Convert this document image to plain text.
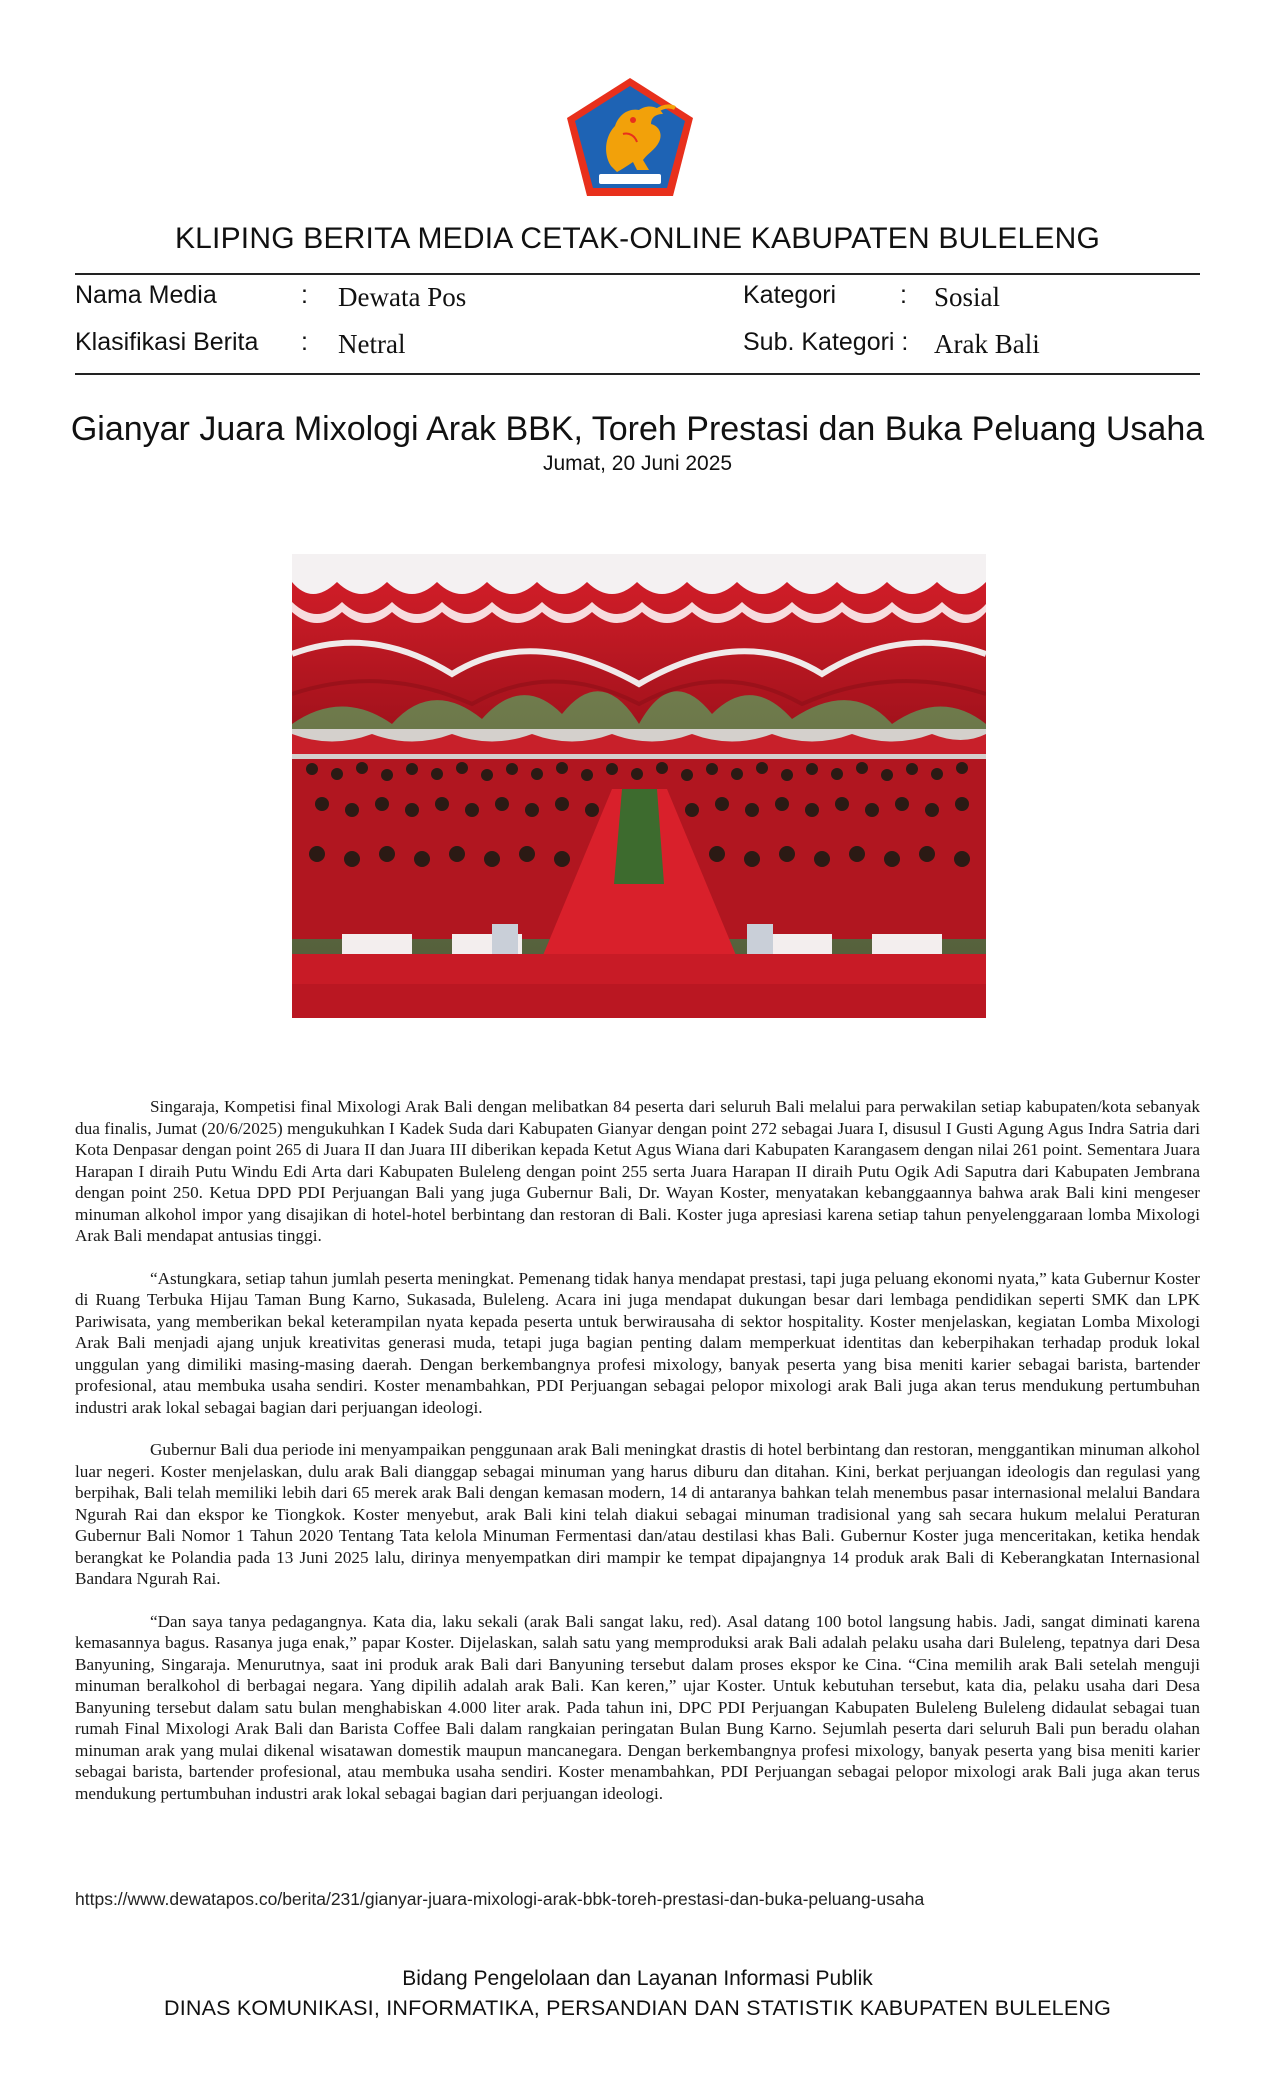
KLIPING BERITA MEDIA CETAK-ONLINE KABUPATEN BULELENG
Nama Media	: Dewata Pos	Kategori	: Sosial
Klasifikasi Berita : Netral	Sub. Kategori : Arak Bali
Gianyar Juara Mixologi Arak BBK, Toreh Prestasi dan Buka Peluang Usaha
Jumat, 20 Juni 2025

Singaraja, Kompetisi final Mixologi Arak Bali dengan melibatkan 84 peserta dari seluruh Bali melalui para perwakilan setiap kabupaten/kota sebanyak dua finalis, Jumat (20/6/2025) mengukuhkan I Kadek Suda dari Kabupaten Gianyar dengan point 272 sebagai Juara I, disusul I Gusti Agung Agus Indra Satria dari Kota Denpasar dengan point 265 di Juara II dan Juara III diberikan kepada Ketut Agus Wiana dari Kabupaten Karangasem dengan nilai 261 point. Sementara Juara Harapan I diraih Putu Windu Edi Arta dari Kabupaten Buleleng dengan point 255 serta Juara Harapan II diraih Putu Ogik Adi Saputra dari Kabupaten Jembrana dengan point 250. Ketua DPD PDI Perjuangan Bali yang juga Gubernur Bali, Dr. Wayan Koster, menyatakan kebanggaannya bahwa arak Bali kini mengeser minuman alkohol impor yang disajikan di hotel-hotel berbintang dan restoran di Bali. Koster juga apresiasi karena setiap tahun penyelenggaraan lomba Mixologi Arak Bali mendapat antusias tinggi.

“Astungkara, setiap tahun jumlah peserta meningkat. Pemenang tidak hanya mendapat prestasi, tapi juga peluang ekonomi nyata,” kata Gubernur Koster di Ruang Terbuka Hijau Taman Bung Karno, Sukasada, Buleleng. Acara ini juga mendapat dukungan besar dari lembaga pendidikan seperti SMK dan LPK Pariwisata, yang memberikan bekal keterampilan nyata kepada peserta untuk berwirausaha di sektor hospitality. Koster menjelaskan, kegiatan Lomba Mixologi Arak Bali menjadi ajang unjuk kreativitas generasi muda, tetapi juga bagian penting dalam memperkuat identitas dan keberpihakan terhadap produk lokal unggulan yang dimiliki masing-masing daerah. Dengan berkembangnya profesi mixology, banyak peserta yang bisa meniti karier sebagai barista, bartender profesional, atau membuka usaha sendiri. Koster menambahkan, PDI Perjuangan sebagai pelopor mixologi arak Bali juga akan terus mendukung pertumbuhan industri arak lokal sebagai bagian dari perjuangan ideologi.

Gubernur Bali dua periode ini menyampaikan penggunaan arak Bali meningkat drastis di hotel berbintang dan restoran, menggantikan minuman alkohol luar negeri. Koster menjelaskan, dulu arak Bali dianggap sebagai minuman yang harus diburu dan ditahan. Kini, berkat perjuangan ideologis dan regulasi yang berpihak, Bali telah memiliki lebih dari 65 merek arak Bali dengan kemasan modern, 14 di antaranya bahkan telah menembus pasar internasional melalui Bandara Ngurah Rai dan ekspor ke Tiongkok. Koster menyebut, arak Bali kini telah diakui sebagai minuman tradisional yang sah secara hukum melalui Peraturan Gubernur Bali Nomor 1 Tahun 2020 Tentang Tata kelola Minuman Fermentasi dan/atau destilasi khas Bali. Gubernur Koster juga menceritakan, ketika hendak berangkat ke Polandia pada 13 Juni 2025 lalu, dirinya menyempatkan diri mampir ke tempat dipajangnya 14 produk arak Bali di Keberangkatan Internasional Bandara Ngurah Rai.

“Dan saya tanya pedagangnya. Kata dia, laku sekali (arak Bali sangat laku, red). Asal datang 100 botol langsung habis. Jadi, sangat diminati karena kemasannya bagus. Rasanya juga enak,” papar Koster. Dijelaskan, salah satu yang memproduksi arak Bali adalah pelaku usaha dari Buleleng, tepatnya dari Desa Banyuning, Singaraja. Menurutnya, saat ini produk arak Bali dari Banyuning tersebut dalam proses ekspor ke Cina. “Cina memilih arak Bali setelah menguji minuman beralkohol di berbagai negara. Yang dipilih adalah arak Bali. Kan keren,” ujar Koster. Untuk kebutuhan tersebut, kata dia, pelaku usaha dari Desa Banyuning tersebut dalam satu bulan menghabiskan 4.000 liter arak. Pada tahun ini, DPC PDI Perjuangan Kabupaten Buleleng Buleleng didaulat sebagai tuan rumah Final Mixologi Arak Bali dan Barista Coffee Bali dalam rangkaian peringatan Bulan Bung Karno. Sejumlah peserta dari seluruh Bali pun beradu olahan minuman arak yang mulai dikenal wisatawan domestik maupun mancanegara. Dengan berkembangnya profesi mixology, banyak peserta yang bisa meniti karier sebagai barista, bartender profesional, atau membuka usaha sendiri. Koster menambahkan, PDI Perjuangan sebagai pelopor mixologi arak Bali juga akan terus mendukung pertumbuhan industri arak lokal sebagai bagian dari perjuangan ideologi.

https://www.dewatapos.co/berita/231/gianyar-juara-mixologi-arak-bbk-toreh-prestasi-dan-buka-peluang-usaha
Bidang Pengelolaan dan Layanan Informasi Publik
DINAS KOMUNIKASI, INFORMATIKA, PERSANDIAN DAN STATISTIK KABUPATEN BULELENG
